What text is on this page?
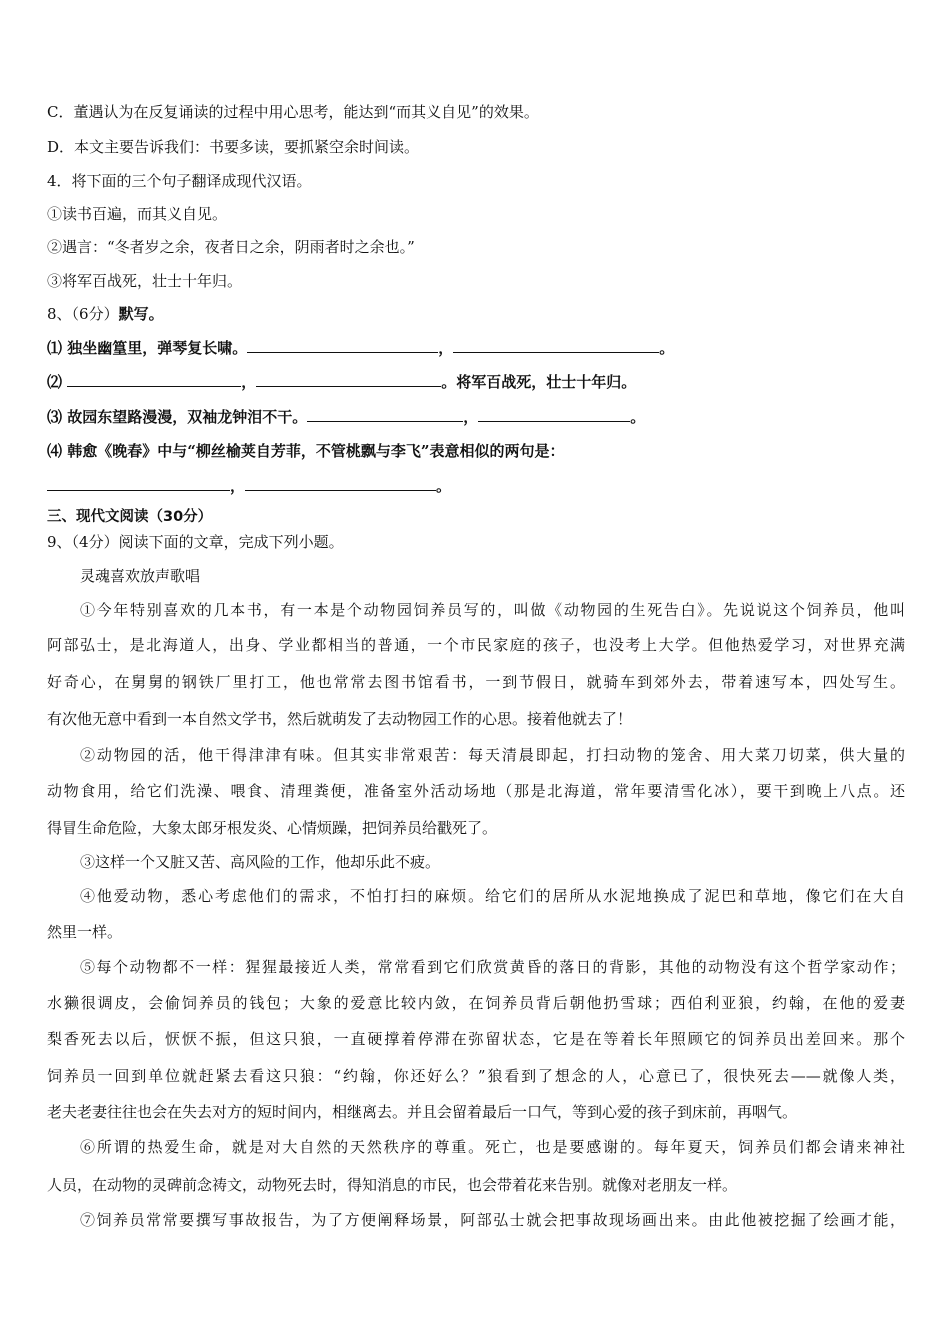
C．董遇认为在反复诵读的过程中用心思考，能达到“而其义自见”的效果。
D．本文主要告诉我们：书要多读，要抓紧空余时间读。
4．将下面的三个句子翻译成现代汉语。
①读书百遍，而其义自见。
②遇言：“冬者岁之余，夜者日之余，阴雨者时之余也。”
③将军百战死，壮士十年归。
8、（6分）默写。
⑴ 独坐幽篁里，弹琴复长啸。	，	。
⑵	，	。将军百战死，壮士十年归。
⑶ 故园东望路漫漫，双袖龙钟泪不干。	，	。
⑷ 韩愈《晚春》中与“柳丝榆荚自芳菲，不管桃飘与李飞”表意相似的两句是：
，	。
三、现代文阅读（30分）
9、（4分）阅读下面的文章，完成下列小题。
灵魂喜欢放声歌唱
①今年特别喜欢的几本书，有一本是个动物园饲养员写的，叫做《动物园的生死告白》。先说说这个饲养员，他叫
阿部弘士，是北海道人，出身、学业都相当的普通，一个市民家庭的孩子，也没考上大学。但他热爱学习，对世界充满
好奇心，在舅舅的钢铁厂里打工，他也常常去图书馆看书，一到节假日，就骑车到郊外去，带着速写本，四处写生。
有次他无意中看到一本自然文学书，然后就萌发了去动物园工作的心思。接着他就去了！
②动物园的活，他干得津津有味。但其实非常艰苦：每天清晨即起，打扫动物的笼舍、用大菜刀切菜，供大量的
动物食用，给它们洗澡、喂食、清理粪便，准备室外活动场地（那是北海道，常年要清雪化冰），要干到晚上八点。还
得冒生命危险，大象太郎牙根发炎、心情烦躁，把饲养员给戳死了。
③这样一个又脏又苦、高风险的工作，他却乐此不疲。
④他爱动物，悉心考虑他们的需求，不怕打扫的麻烦。给它们的居所从水泥地换成了泥巴和草地，像它们在大自
然里一样。
⑤每个动物都不一样：猩猩最接近人类，常常看到它们欣赏黄昏的落日的背影，其他的动物没有这个哲学家动作；
水獭很调皮，会偷饲养员的钱包；大象的爱意比较内敛，在饲养员背后朝他扔雪球；西伯利亚狼，约翰，在他的爱妻
梨香死去以后，恹恹不振，但这只狼，一直硬撑着停滞在弥留状态，它是在等着长年照顾它的饲养员出差回来。那个
饲养员一回到单位就赶紧去看这只狼：“约翰，你还好么？”狼看到了想念的人，心意已了，很快死去——就像人类，
老夫老妻往往也会在失去对方的短时间内，相继离去。并且会留着最后一口气，等到心爱的孩子到床前，再咽气。
⑥所谓的热爱生命，就是对大自然的天然秩序的尊重。死亡，也是要感谢的。每年夏天，饲养员们都会请来神社
人员，在动物的灵碑前念祷文，动物死去时，得知消息的市民，也会带着花来告别。就像对老朋友一样。
⑦饲养员常常要撰写事故报告，为了方便阐释场景，阿部弘士就会把事故现场画出来。由此他被挖掘了绘画才能，
